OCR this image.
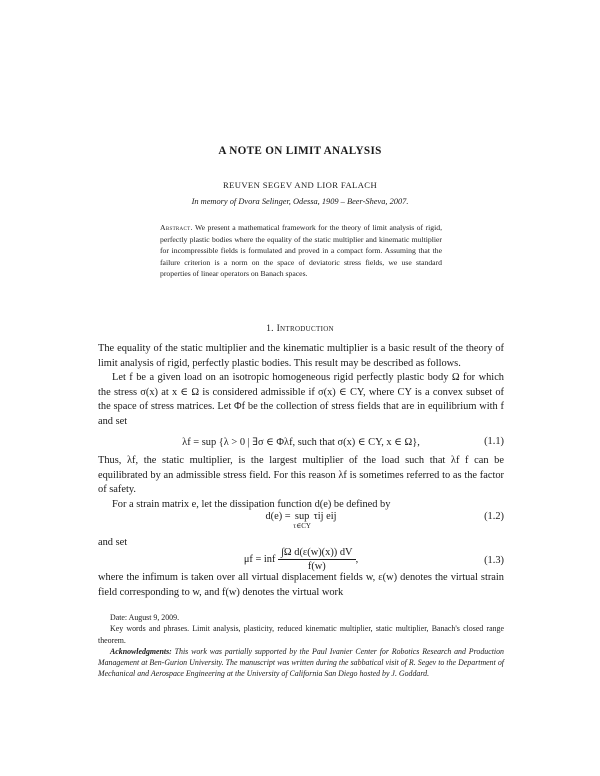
A NOTE ON LIMIT ANALYSIS
REUVEN SEGEV AND LIOR FALACH
In memory of Dvora Selinger, Odessa, 1909 – Beer-Sheva, 2007.
Abstract. We present a mathematical framework for the theory of limit analysis of rigid, perfectly plastic bodies where the equality of the static multiplier and kinematic multiplier for incompressible fields is formulated and proved in a compact form. Assuming that the failure criterion is a norm on the space of deviatoric stress fields, we use standard properties of linear operators on Banach spaces.
1. Introduction

The equality of the static multiplier and the kinematic multiplier is a basic result of the theory of limit analysis of rigid, perfectly plastic bodies. This result may be described as follows.

Let f be a given load on an isotropic homogeneous rigid perfectly plastic body Ω for which the stress σ(x) at x ∈ Ω is considered admissible if σ(x) ∈ CY, where CY is a convex subset of the space of stress matrices. Let Φf be the collection of stress fields that are in equilibrium with f and set

λf = sup {λ > 0 | ∃σ ∈ Φλf, such that σ(x) ∈ CY, x ∈ Ω},	(1.1)

Thus, λf, the static multiplier, is the largest multiplier of the load such that λf f can be equilibrated by an admissible stress field. For this reason λf is sometimes referred to as the factor of safety.

For a strain matrix e, let the dissipation function d(e) be defined by

d(e) = sup
τ∈CY
τij eij	(1.2)

and set

μf = inf $\frac{\text{∫Ω d(ε(w)(x)) dV}}{f(w)}$ ,	(1.3)

where the infimum is taken over all virtual displacement fields w, ε(w) denotes the virtual strain field corresponding to w, and f(w) denotes the virtual work

Date: August 9, 2009.

Key words and phrases. Limit analysis, plasticity, reduced kinematic multiplier, static multiplier, Banach's closed range theorem.

Acknowledgments: This work was partially supported by the Paul Ivanier Center for Robotics Research and Production Management at Ben-Gurion University. The manuscript was written during the sabbatical visit of R. Segev to the Department of Mechanical and Aerospace Engineering at the University of California San Diego hosted by J. Goddard.
